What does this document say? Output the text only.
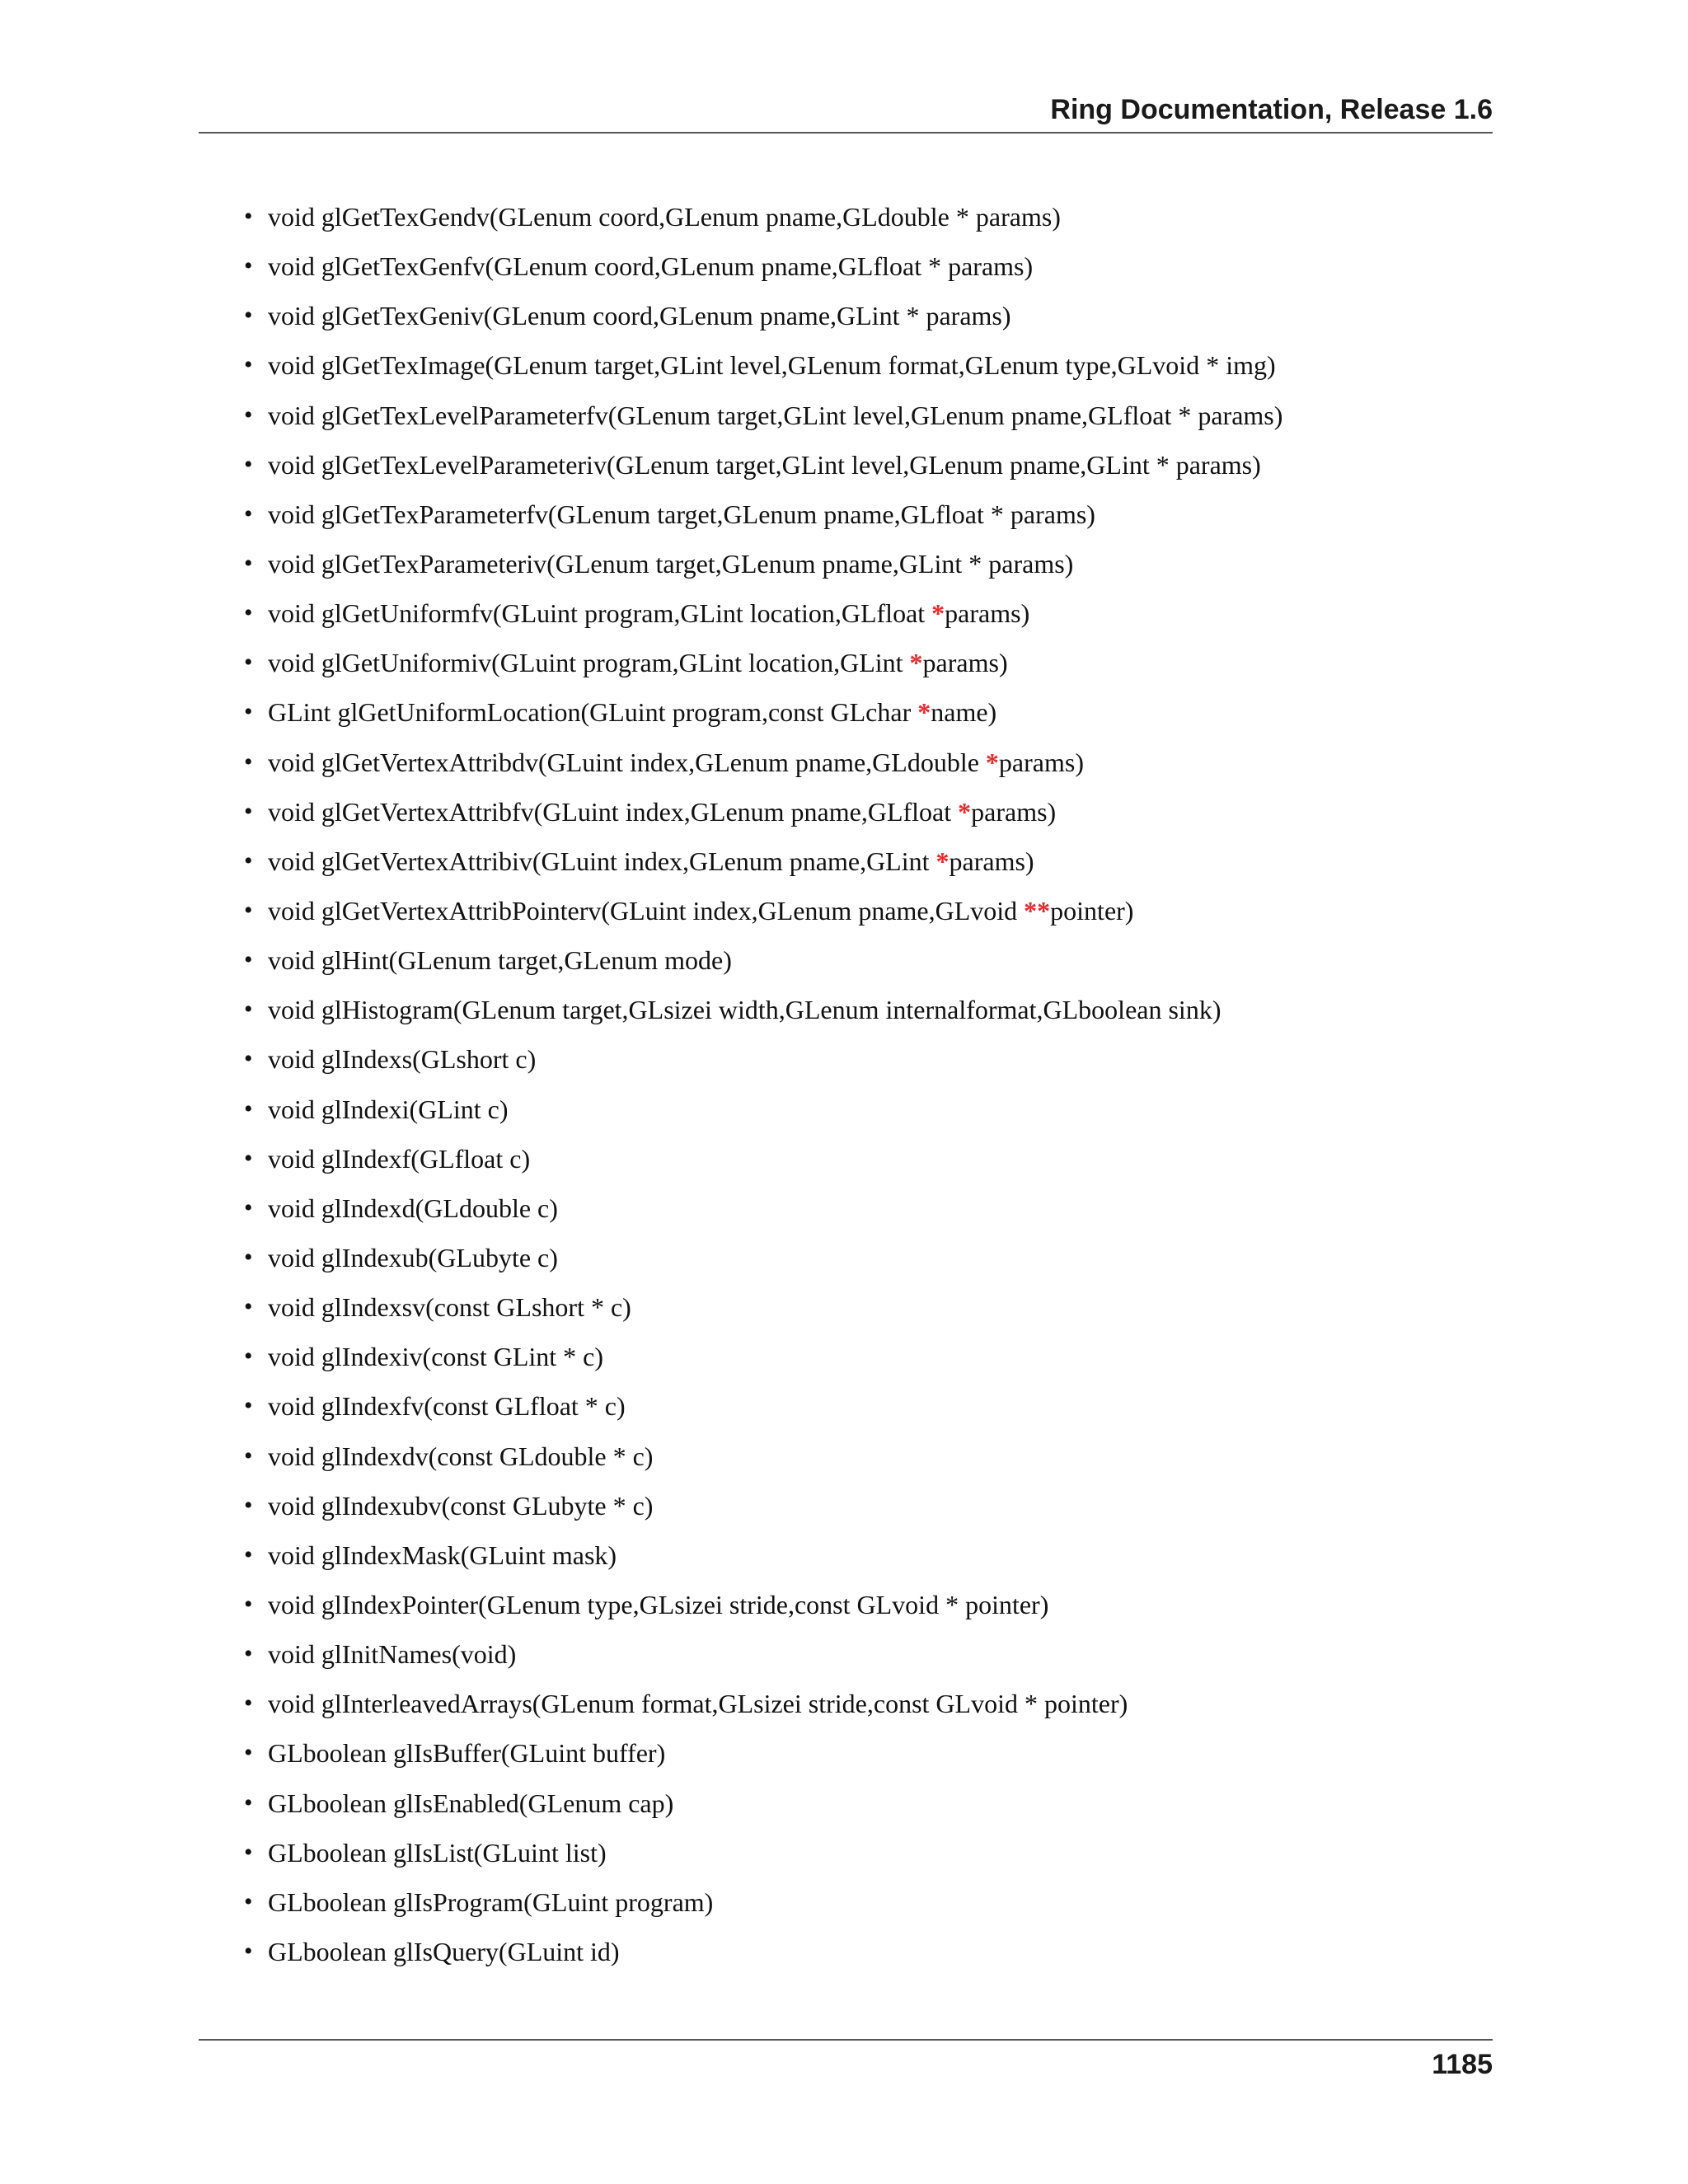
Ring Documentation, Release 1.6
• void glGetTexGendv(GLenum coord,GLenum pname,GLdouble * params)
• void glGetTexGenfv(GLenum coord,GLenum pname,GLfloat * params)
• void glGetTexGeniv(GLenum coord,GLenum pname,GLint * params)
• void glGetTexImage(GLenum target,GLint level,GLenum format,GLenum type,GLvoid * img)
• void glGetTexLevelParameterfv(GLenum target,GLint level,GLenum pname,GLfloat * params)
• void glGetTexLevelParameteriv(GLenum target,GLint level,GLenum pname,GLint * params)
• void glGetTexParameterfv(GLenum target,GLenum pname,GLfloat * params)
• void glGetTexParameteriv(GLenum target,GLenum pname,GLint * params)
• void glGetUniformfv(GLuint program,GLint location,GLfloat *params)
• void glGetUniformiv(GLuint program,GLint location,GLint *params)
• GLint glGetUniformLocation(GLuint program,const GLchar *name)
• void glGetVertexAttribdv(GLuint index,GLenum pname,GLdouble *params)
• void glGetVertexAttribfv(GLuint index,GLenum pname,GLfloat *params)
• void glGetVertexAttribiv(GLuint index,GLenum pname,GLint *params)
• void glGetVertexAttribPointerv(GLuint index,GLenum pname,GLvoid **pointer)
• void glHint(GLenum target,GLenum mode)
• void glHistogram(GLenum target,GLsizei width,GLenum internalformat,GLboolean sink)
• void glIndexs(GLshort c)
• void glIndexi(GLint c)
• void glIndexf(GLfloat c)
• void glIndexd(GLdouble c)
• void glIndexub(GLubyte c)
• void glIndexsv(const GLshort * c)
• void glIndexiv(const GLint * c)
• void glIndexfv(const GLfloat * c)
• void glIndexdv(const GLdouble * c)
• void glIndexubv(const GLubyte * c)
• void glIndexMask(GLuint mask)
• void glIndexPointer(GLenum type,GLsizei stride,const GLvoid * pointer)
• void glInitNames(void)
• void glInterleavedArrays(GLenum format,GLsizei stride,const GLvoid * pointer)
• GLboolean glIsBuffer(GLuint buffer)
• GLboolean glIsEnabled(GLenum cap)
• GLboolean glIsList(GLuint list)
• GLboolean glIsProgram(GLuint program)
• GLboolean glIsQuery(GLuint id)
1185
